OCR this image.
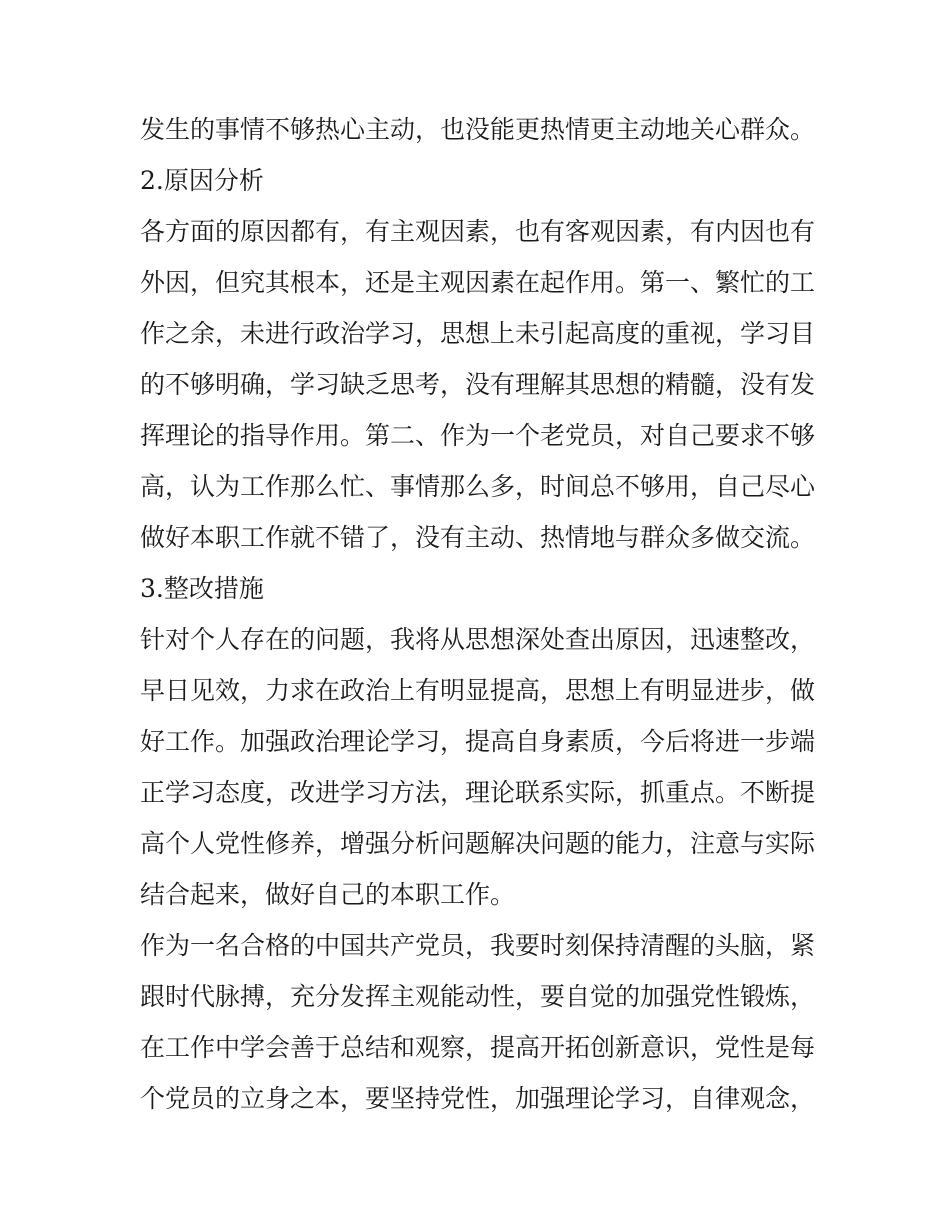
发生的事情不够热心主动，也没能更热情更主动地关心群众。
2.原因分析
各方面的原因都有，有主观因素，也有客观因素，有内因也有
外因，但究其根本，还是主观因素在起作用。第一、繁忙的工
作之余，未进行政治学习，思想上未引起高度的重视，学习目
的不够明确，学习缺乏思考，没有理解其思想的精髓，没有发
挥理论的指导作用。第二、作为一个老党员，对自己要求不够
高，认为工作那么忙、事情那么多，时间总不够用，自己尽心
做好本职工作就不错了，没有主动、热情地与群众多做交流。
3.整改措施
针对个人存在的问题，我将从思想深处查出原因，迅速整改，
早日见效，力求在政治上有明显提高，思想上有明显进步，做
好工作。加强政治理论学习，提高自身素质，今后将进一步端
正学习态度，改进学习方法，理论联系实际，抓重点。不断提
高个人党性修养，增强分析问题解决问题的能力，注意与实际
结合起来，做好自己的本职工作。
作为一名合格的中国共产党员，我要时刻保持清醒的头脑，紧
跟时代脉搏，充分发挥主观能动性，要自觉的加强党性锻炼，
在工作中学会善于总结和观察，提高开拓创新意识，党性是每
个党员的立身之本，要坚持党性，加强理论学习，自律观念，
